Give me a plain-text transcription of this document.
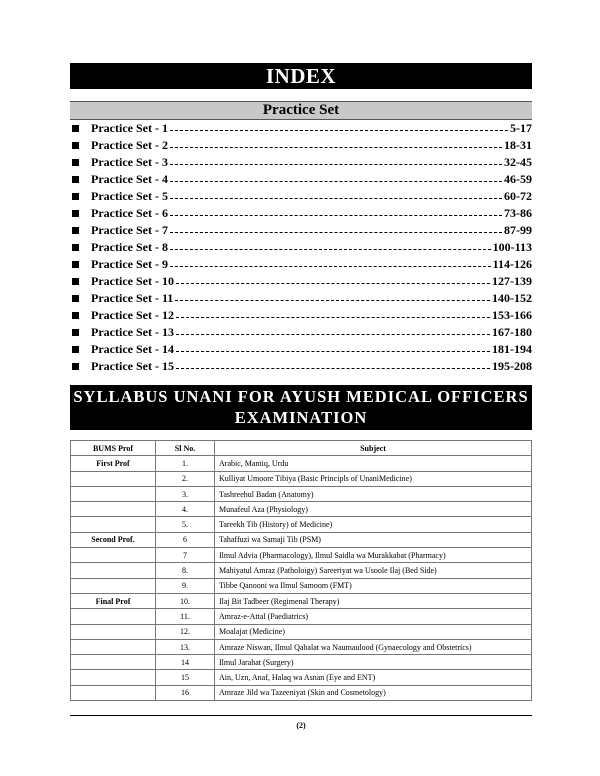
INDEX
Practice Set
Practice Set - 1	5-17
Practice Set - 2	18-31
Practice Set - 3	32-45
Practice Set - 4	46-59
Practice Set - 5	60-72
Practice Set - 6	73-86
Practice Set - 7	87-99
Practice Set - 8	100-113
Practice Set - 9	114-126
Practice Set - 10	127-139
Practice Set - 11	140-152
Practice Set - 12	153-166
Practice Set - 13	167-180
Practice Set - 14	181-194
Practice Set - 15	195-208
SYLLABUS UNANI FOR AYUSH MEDICAL OFFICERS
EXAMINATION
BUMS Prof	Sl No.	Subject
First Prof	1.	Arabic, Mantiq, Urdu
	2.	Kulliyat Umoore Tibiya (Basic Principls of UnaniMedicine)
	3.	Tashreehul Badan (Anatomy)
	4.	Munafeul Aza (Physiology)
	5.	Tareekh Tib (History) of Medicine)
Second Prof.	6	Tahaffuzi wa Samaji Tib (PSM)
	7	Ilmul Advia (Pharmacology), Ilmul Saidla wa Murakkabat (Pharmacy)
	8.	Mahiyatul Amraz (Patholoigy) Sareeriyat wa Usoole Ilaj (Bed Side)
	9.	Tibbe Qanooni wa Ilmul Samoom (FMT)
Final Prof	10.	Ilaj Bit Tadbeer (Regimenal Therapy)
	11.	Amraz-e-Attal (Paediatrics)
	12.	Moalajat (Medicine)
	13.	Amraze Niswan, Ilmul Qabalat wa Naumaulood (Gynaecology and Obstetrics)
	14	Ilmul Jarahat (Surgery)
	15	Ain, Uzn, Anaf, Halaq wa Asnan (Eye and ENT)
	16	Amraze Jild wa Tazeeniyat (Skin and Cosmetology)
(2)
